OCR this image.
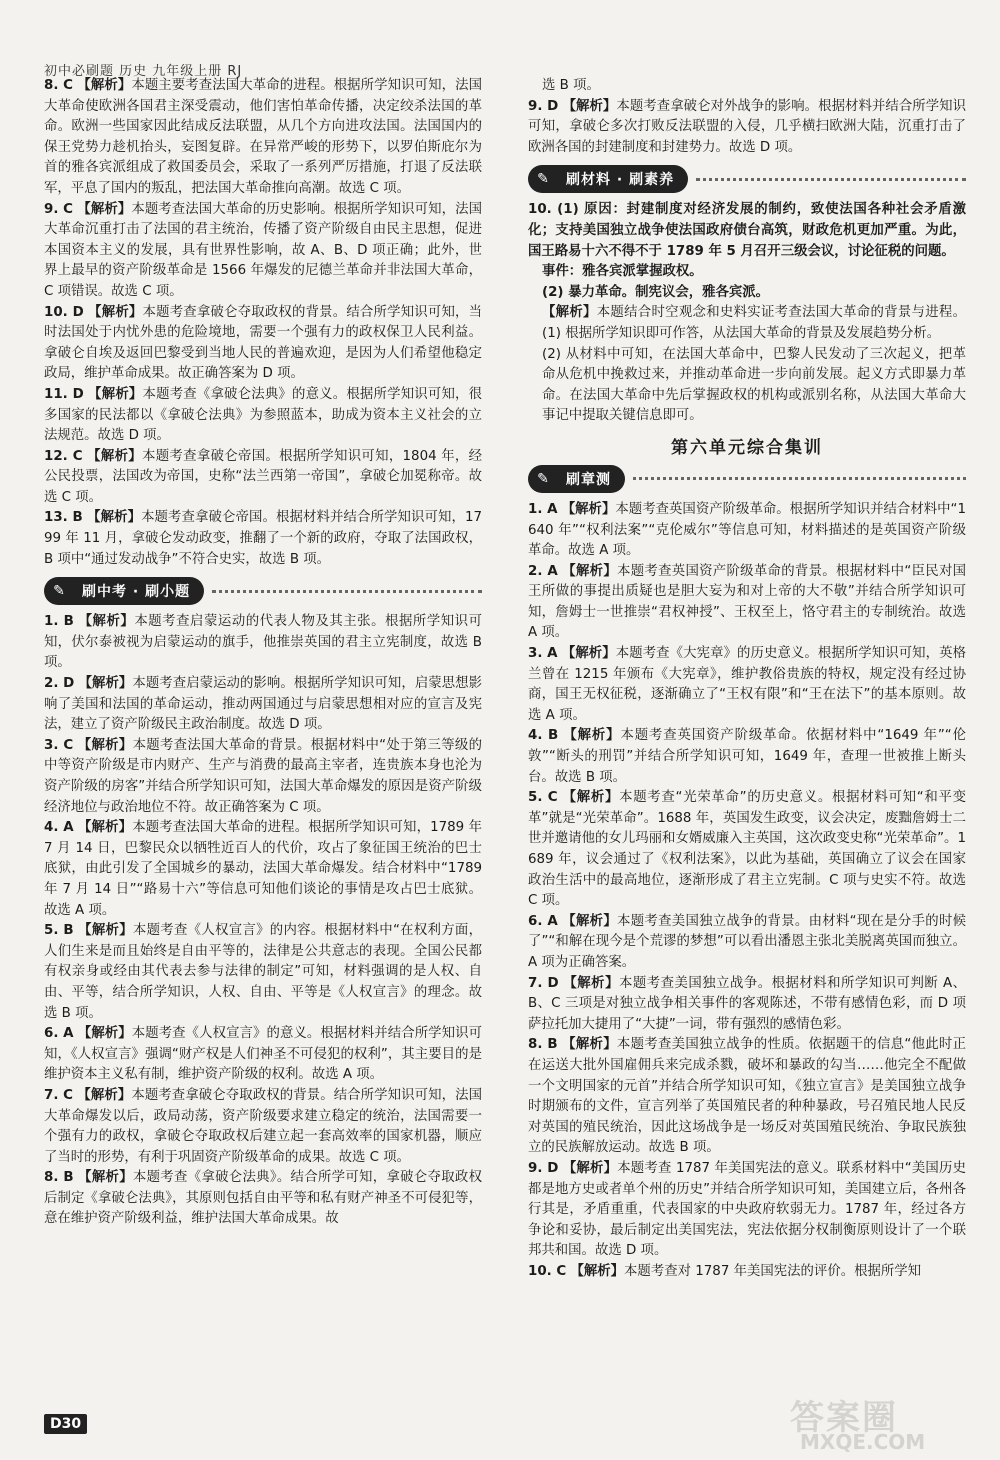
初中必刷题 历史 九年级上册 RJ

8. C 【解析】本题主要考查法国大革命的进程。根据所学知识可知，法国大革命使欧洲各国君主深受震动，他们害怕革命传播，决定绞杀法国的革命。欧洲一些国家因此结成反法联盟，从几个方向进攻法国。法国国内的保王党势力趁机抬头，妄图复辟。在异常严峻的形势下，以罗伯斯庇尔为首的雅各宾派组成了救国委员会，采取了一系列严厉措施，打退了反法联军，平息了国内的叛乱，把法国大革命推向高潮。故选 C 项。

9. C 【解析】本题考查法国大革命的历史影响。根据所学知识可知，法国大革命沉重打击了法国的君主统治，传播了资产阶级自由民主思想，促进本国资本主义的发展，具有世界性影响，故 A、B、D 项正确；此外，世界上最早的资产阶级革命是 1566 年爆发的尼德兰革命并非法国大革命，C 项错误。故选 C 项。

10. D 【解析】本题考查拿破仑夺取政权的背景。结合所学知识可知，当时法国处于内忧外患的危险境地，需要一个强有力的政权保卫人民利益。拿破仑自埃及返回巴黎受到当地人民的普遍欢迎，是因为人们希望他稳定政局，维护革命成果。故正确答案为 D 项。

11. D 【解析】本题考查《拿破仑法典》的意义。根据所学知识可知，很多国家的民法都以《拿破仑法典》为参照蓝本，助成为资本主义社会的立法规范。故选 D 项。

12. C 【解析】本题考查拿破仑帝国。根据所学知识可知，1804 年，经公民投票，法国改为帝国，史称“法兰西第一帝国”，拿破仑加冕称帝。故选 C 项。

13. B 【解析】本题考查拿破仑帝国。根据材料并结合所学知识可知，1799 年 11 月，拿破仑发动政变，推翻了一个新的政府，夺取了法国政权，B 项中“通过发动战争”不符合史实，故选 B 项。

✎	刷中考 · 刷小题

1. B 【解析】本题考查启蒙运动的代表人物及其主张。根据所学知识可知，伏尔泰被视为启蒙运动的旗手，他推崇英国的君主立宪制度，故选 B 项。

2. D 【解析】本题考查启蒙运动的影响。根据所学知识可知，启蒙思想影响了美国和法国的革命运动，推动两国通过与启蒙思想相对应的宣言及宪法，建立了资产阶级民主政治制度。故选 D 项。

3. C 【解析】本题考查法国大革命的背景。根据材料中“处于第三等级的中等资产阶级是市内财产、生产与消费的最高主宰者，连贵族本身也沦为资产阶级的房客”并结合所学知识可知，法国大革命爆发的原因是资产阶级经济地位与政治地位不符。故正确答案为 C 项。

4. A 【解析】本题考查法国大革命的进程。根据所学知识可知，1789 年 7 月 14 日，巴黎民众以牺牲近百人的代价，攻占了象征国王统治的巴士底狱，由此引发了全国城乡的暴动，法国大革命爆发。结合材料中“1789 年 7 月 14 日”“路易十六”等信息可知他们谈论的事情是攻占巴士底狱。故选 A 项。

5. B 【解析】本题考查《人权宣言》的内容。根据材料中“在权利方面，人们生来是而且始终是自由平等的，法律是公共意志的表现。全国公民都有权亲身或经由其代表去参与法律的制定”可知，材料强调的是人权、自由、平等，结合所学知识，人权、自由、平等是《人权宣言》的理念。故选 B 项。

6. A 【解析】本题考查《人权宣言》的意义。根据材料并结合所学知识可知，《人权宣言》强调“财产权是人们神圣不可侵犯的权利”，其主要目的是维护资本主义私有制，维护资产阶级的权利。故选 A 项。

7. C 【解析】本题考查拿破仑夺取政权的背景。结合所学知识可知，法国大革命爆发以后，政局动荡，资产阶级要求建立稳定的统治，法国需要一个强有力的政权，拿破仑夺取政权后建立起一套高效率的国家机器，顺应了当时的形势，有利于巩固资产阶级革命的成果。故选 C 项。

8. B 【解析】本题考查《拿破仑法典》。结合所学可知，拿破仑夺取政权后制定《拿破仑法典》，其原则包括自由平等和私有财产神圣不可侵犯等，意在维护资产阶级利益，维护法国大革命成果。故

选 B 项。

9. D 【解析】本题考查拿破仑对外战争的影响。根据材料并结合所学知识可知，拿破仑多次打败反法联盟的入侵，几乎横扫欧洲大陆，沉重打击了欧洲各国的封建制度和封建势力。故选 D 项。

✎	刷材料 · 刷素养

10. (1) 原因：封建制度对经济发展的制约，致使法国各种社会矛盾激化；支持美国独立战争使法国政府债台高筑，财政危机更加严重。为此，国王路易十六不得不于 1789 年 5 月召开三级会议，讨论征税的问题。

事件：雅各宾派掌握政权。

(2) 暴力革命。制宪议会，雅各宾派。

【解析】本题结合时空观念和史料实证考查法国大革命的背景与进程。(1) 根据所学知识即可作答，从法国大革命的背景及发展趋势分析。

(2) 从材料中可知，在法国大革命中，巴黎人民发动了三次起义，把革命从危机中挽救过来，并推动革命进一步向前发展。起义方式即暴力革命。在法国大革命中先后掌握政权的机构或派别名称，从法国大革命大事记中提取关键信息即可。

第六单元综合集训
✎	刷章测

1. A 【解析】本题考查英国资产阶级革命。根据所学知识并结合材料中“1640 年”“权利法案”“克伦威尔”等信息可知，材料描述的是英国资产阶级革命。故选 A 项。

2. A 【解析】本题考查英国资产阶级革命的背景。根据材料中“臣民对国王所做的事提出质疑也是胆大妄为和对上帝的大不敬”并结合所学知识可知，詹姆士一世推崇“君权神授”、王权至上，恪守君主的专制统治。故选 A 项。

3. A 【解析】本题考查《大宪章》的历史意义。根据所学知识可知，英格兰曾在 1215 年颁布《大宪章》，维护教俗贵族的特权，规定没有经过协商，国王无权征税，逐渐确立了“王权有限”和“王在法下”的基本原则。故选 A 项。

4. B 【解析】本题考查英国资产阶级革命。依据材料中“1649 年”“伦敦”“断头的刑罚”并结合所学知识可知，1649 年，查理一世被推上断头台。故选 B 项。

5. C 【解析】本题考查“光荣革命”的历史意义。根据材料可知“和平变革”就是“光荣革命”。1688 年，英国发生政变，议会决定，废黜詹姆士二世并邀请他的女儿玛丽和女婿威廉入主英国，这次政变史称“光荣革命”。1689 年，议会通过了《权利法案》，以此为基础，英国确立了议会在国家政治生活中的最高地位，逐渐形成了君主立宪制。C 项与史实不符。故选 C 项。

6. A 【解析】本题考查美国独立战争的背景。由材料“现在是分手的时候了”“和解在现今是个荒谬的梦想”可以看出潘恩主张北美脱离英国而独立。A 项为正确答案。

7. D 【解析】本题考查美国独立战争。根据材料和所学知识可判断 A、B、C 三项是对独立战争相关事件的客观陈述，不带有感情色彩，而 D 项萨拉托加大捷用了“大捷”一词，带有强烈的感情色彩。

8. B 【解析】本题考查美国独立战争的性质。依据题干的信息“他此时正在运送大批外国雇佣兵来完成杀戮，破坏和暴政的勾当……他完全不配做一个文明国家的元首”并结合所学知识可知，《独立宣言》是美国独立战争时期颁布的文件，宣言列举了英国殖民者的种种暴政，号召殖民地人民反对英国的殖民统治，因此这场战争是一场反对英国殖民统治、争取民族独立的民族解放运动。故选 B 项。

9. D 【解析】本题考查 1787 年美国宪法的意义。联系材料中“美国历史都是地方史或者单个州的历史”并结合所学知识可知，美国建立后，各州各行其是，矛盾重重，代表国家的中央政府软弱无力。1787 年，经过各方争论和妥协，最后制定出美国宪法，宪法依据分权制衡原则设计了一个联邦共和国。故选 D 项。

10. C 【解析】本题考查对 1787 年美国宪法的评价。根据所学知

D30	答案圈
MXQE.COM
